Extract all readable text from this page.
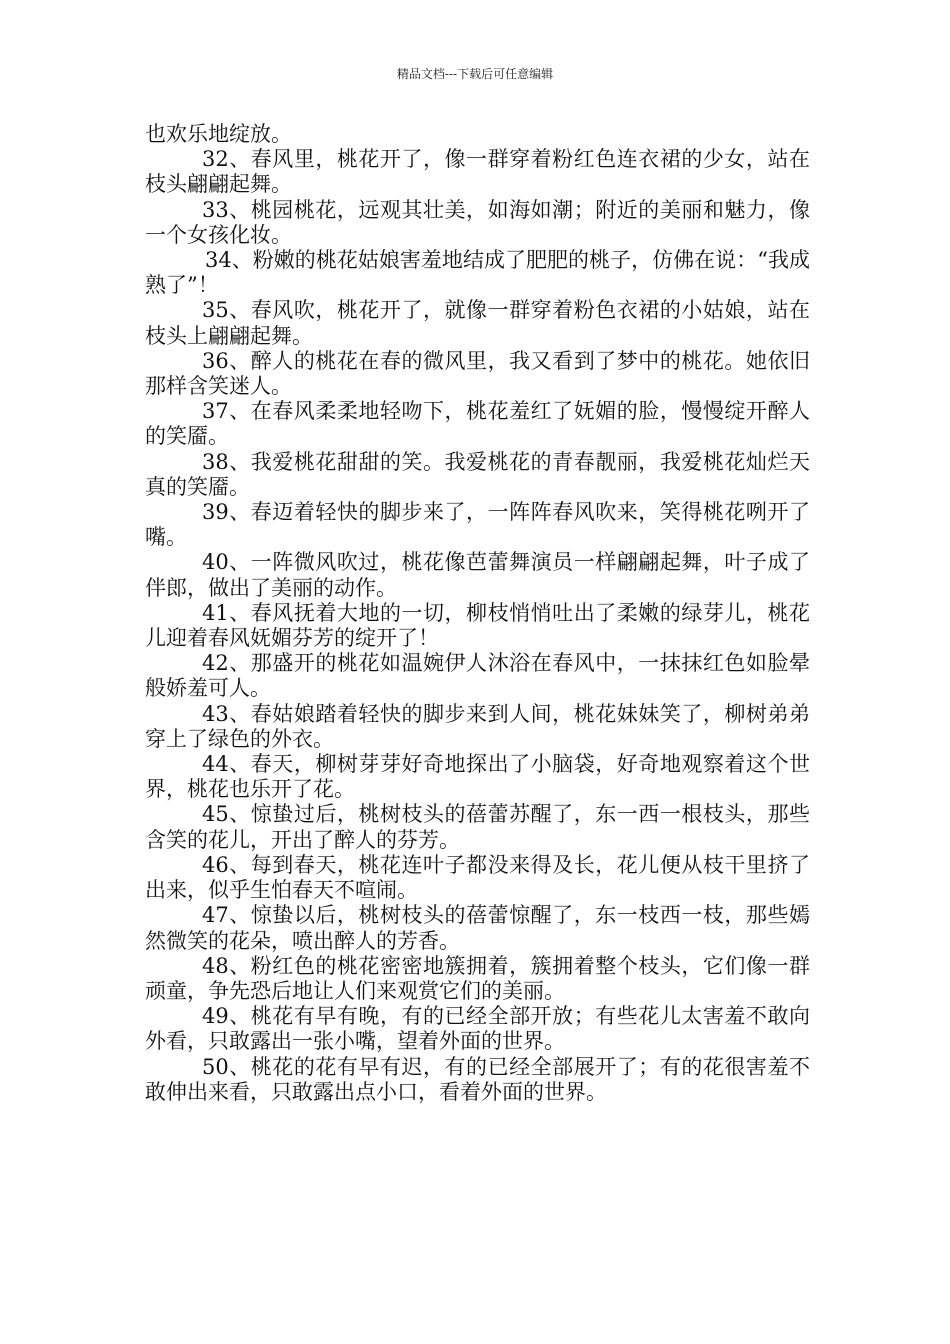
精品文档---下载后可任意编辑

也欢乐地绽放。

32、春风里，桃花开了，像一群穿着粉红色连衣裙的少女，站在枝头翩翩起舞。

33、桃园桃花，远观其壮美，如海如潮；附近的美丽和魅力，像一个女孩化妆。

34、粉嫩的桃花姑娘害羞地结成了肥肥的桃子，仿佛在说：“我成熟了”！

35、春风吹，桃花开了，就像一群穿着粉色衣裙的小姑娘，站在枝头上翩翩起舞。

36、醉人的桃花在春的微风里，我又看到了梦中的桃花。她依旧那样含笑迷人。

37、在春风柔柔地轻吻下，桃花羞红了妩媚的脸，慢慢绽开醉人的笑靥。

38、我爱桃花甜甜的笑。我爱桃花的青春靓丽，我爱桃花灿烂天真的笑靥。

39、春迈着轻快的脚步来了，一阵阵春风吹来，笑得桃花咧开了嘴。

40、一阵微风吹过，桃花像芭蕾舞演员一样翩翩起舞，叶子成了伴郎，做出了美丽的动作。

41、春风抚着大地的一切，柳枝悄悄吐出了柔嫩的绿芽儿，桃花儿迎着春风妩媚芬芳的绽开了！

42、那盛开的桃花如温婉伊人沐浴在春风中，一抹抹红色如脸晕般娇羞可人。

43、春姑娘踏着轻快的脚步来到人间，桃花妹妹笑了，柳树弟弟穿上了绿色的外衣。

44、春天，柳树芽芽好奇地探出了小脑袋，好奇地观察着这个世界，桃花也乐开了花。

45、惊蛰过后，桃树枝头的蓓蕾苏醒了，东一西一根枝头，那些含笑的花儿，开出了醉人的芬芳。

46、每到春天，桃花连叶子都没来得及长，花儿便从枝干里挤了出来，似乎生怕春天不喧闹。

47、惊蛰以后，桃树枝头的蓓蕾惊醒了，东一枝西一枝，那些嫣然微笑的花朵，喷出醉人的芳香。

48、粉红色的桃花密密地簇拥着，簇拥着整个枝头，它们像一群顽童，争先恐后地让人们来观赏它们的美丽。

49、桃花有早有晚，有的已经全部开放；有些花儿太害羞不敢向外看，只敢露出一张小嘴，望着外面的世界。

50、桃花的花有早有迟，有的已经全部展开了；有的花很害羞不敢伸出来看，只敢露出点小口，看着外面的世界。
